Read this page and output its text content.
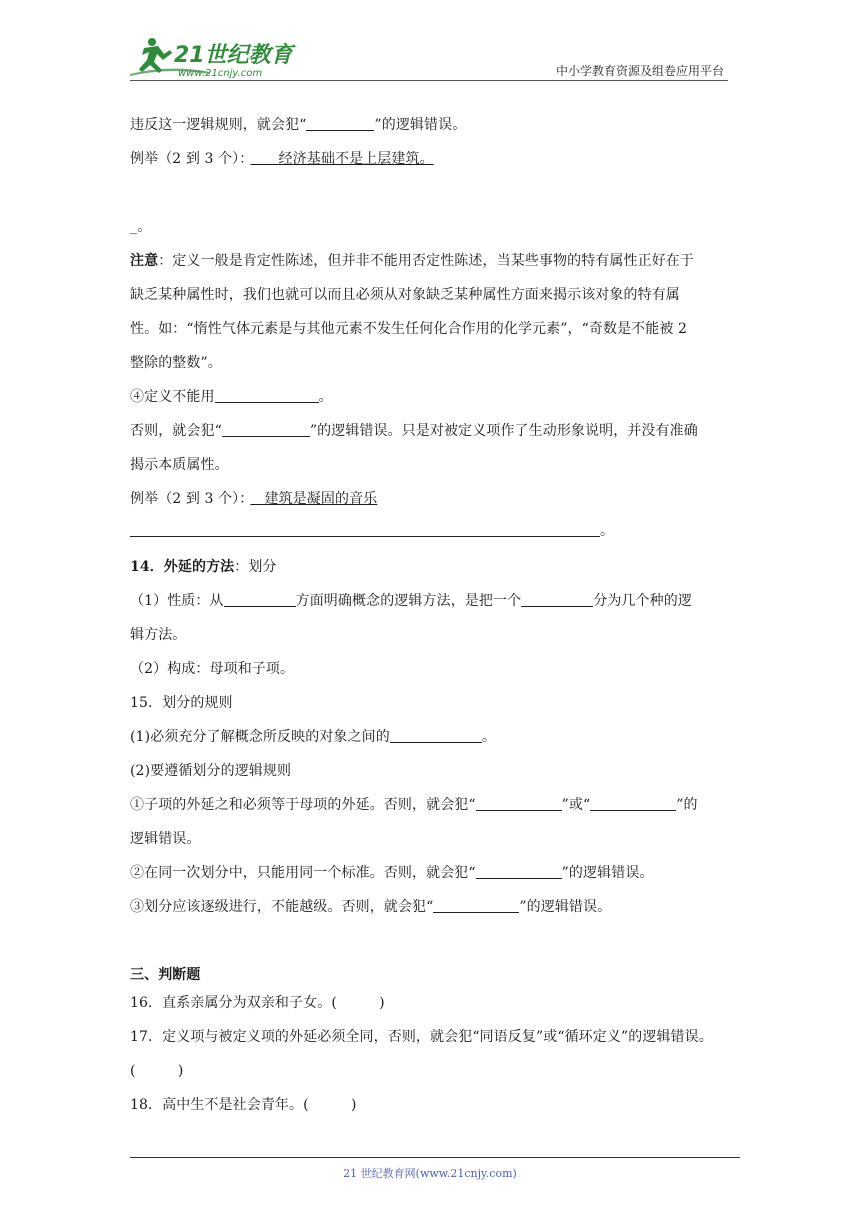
21世纪教育
www.21cnjy.com	中小学教育资源及组卷应用平台
违反这一逻辑规则，就会犯“	”的逻辑错误。
例举（2 到 3 个）：　　 经济基础不是上层建筑。
_。
注意：定义一般是肯定性陈述，但并非不能用否定性陈述，当某些事物的特有属性正好在于
缺乏某种属性时，我们也就可以而且必须从对象缺乏某种属性方面来揭示该对象的特有属
性。如：“惰性气体元素是与其他元素不发生任何化合作用的化学元素”，“奇数是不能被 2
整除的整数”。
④定义不能用	。
否则，就会犯“	”的逻辑错误。只是对被定义项作了生动形象说明，并没有准确
揭示本质属性。
例举（2 到 3 个）：　 建筑是凝固的音乐
。
14．外延的方法：划分
（1）性质：从	方面明确概念的逻辑方法，是把一个	分为几个种的逻
辑方法。
（2）构成：母项和子项。
15．划分的规则
(1)必须充分了解概念所反映的对象之间的	。
(2)要遵循划分的逻辑规则
①子项的外延之和必须等于母项的外延。否则，就会犯“	”或“	”的
逻辑错误。
②在同一次划分中，只能用同一个标准。否则，就会犯“	”的逻辑错误。
③划分应该逐级进行，不能越级。否则，就会犯“	”的逻辑错误。
三、判断题
16．直系亲属分为双亲和子女。(　　　)
17．定义项与被定义项的外延必须全同，否则，就会犯“同语反复”或“循环定义”的逻辑错误。
(　　　)
18．高中生不是社会青年。(　　　)
21 世纪教育网(www.21cnjy.com)
